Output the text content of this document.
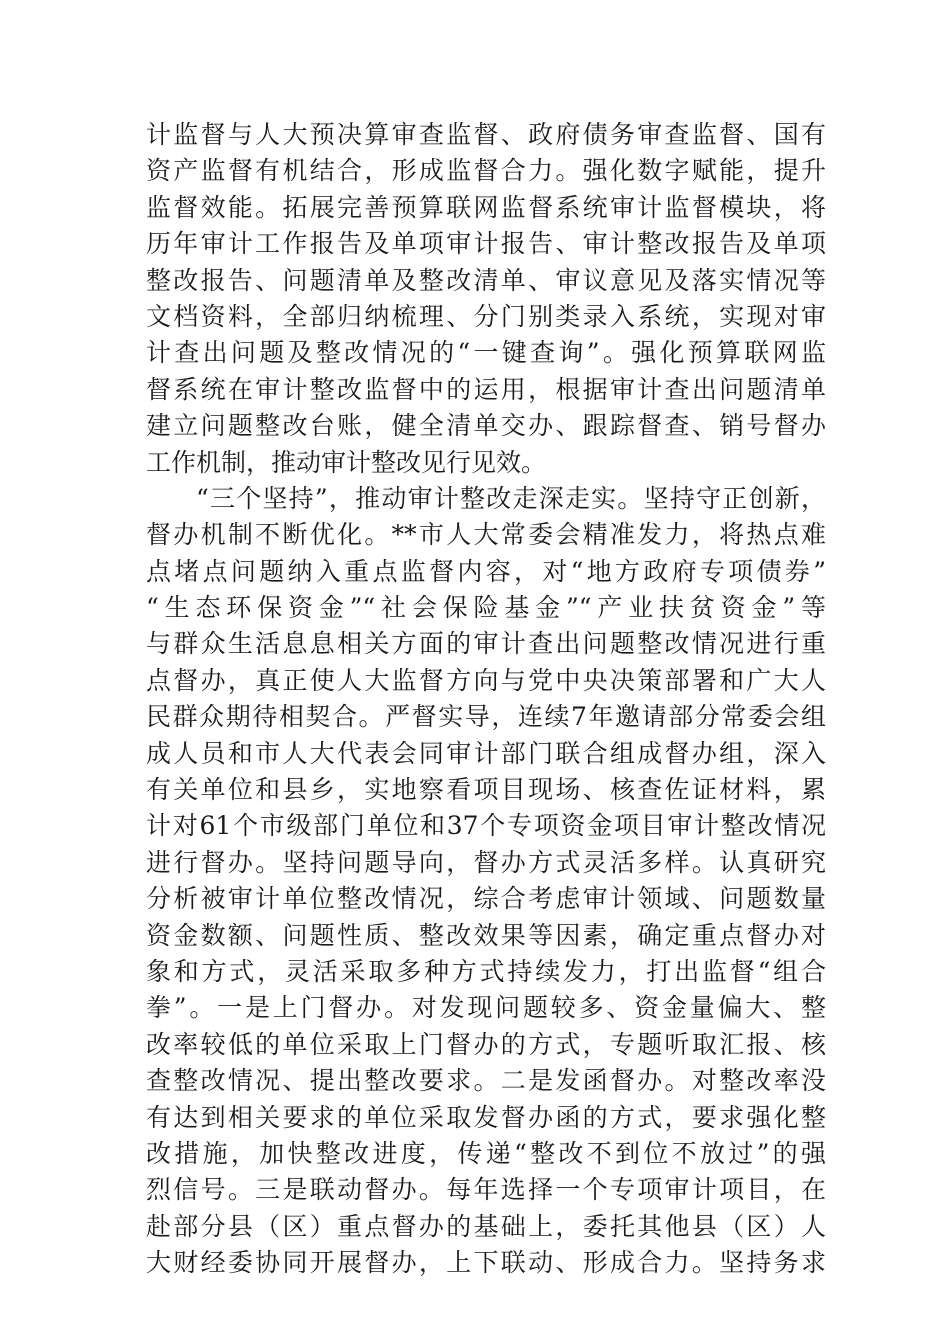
计监督与人大预决算审查监督、政府债务审查监督、国有
资产监督有机结合，形成监督合力。强化数字赋能，提升
监督效能。拓展完善预算联网监督系统审计监督模块，将
历年审计工作报告及单项审计报告、审计整改报告及单项
整改报告、问题清单及整改清单、审议意见及落实情况等
文档资料，全部归纳梳理、分门别类录入系统，实现对审
计查出问题及整改情况的“一键查询”。强化预算联网监
督系统在审计整改监督中的运用，根据审计查出问题清单
建立问题整改台账，健全清单交办、跟踪督查、销号督办
工作机制，推动审计整改见行见效。
“三个坚持”，推动审计整改走深走实。坚持守正创新，
督办机制不断优化。**市人大常委会精准发力，将热点难
点堵点问题纳入重点监督内容，对“地方政府专项债券”
“生态环保资金”“社会保险基金”“产业扶贫资金”等
与群众生活息息相关方面的审计查出问题整改情况进行重
点督办，真正使人大监督方向与党中央决策部署和广大人
民群众期待相契合。严督实导，连续7年邀请部分常委会组
成人员和市人大代表会同审计部门联合组成督办组，深入
有关单位和县乡，实地察看项目现场、核查佐证材料，累
计对61个市级部门单位和37个专项资金项目审计整改情况
进行督办。坚持问题导向，督办方式灵活多样。认真研究
分析被审计单位整改情况，综合考虑审计领域、问题数量
资金数额、问题性质、整改效果等因素，确定重点督办对
象和方式，灵活采取多种方式持续发力，打出监督“组合
拳”。一是上门督办。对发现问题较多、资金量偏大、整
改率较低的单位采取上门督办的方式，专题听取汇报、核
查整改情况、提出整改要求。二是发函督办。对整改率没
有达到相关要求的单位采取发督办函的方式，要求强化整
改措施，加快整改进度，传递“整改不到位不放过”的强
烈信号。三是联动督办。每年选择一个专项审计项目，在
赴部分县（区）重点督办的基础上，委托其他县（区）人
大财经委协同开展督办，上下联动、形成合力。坚持务求
